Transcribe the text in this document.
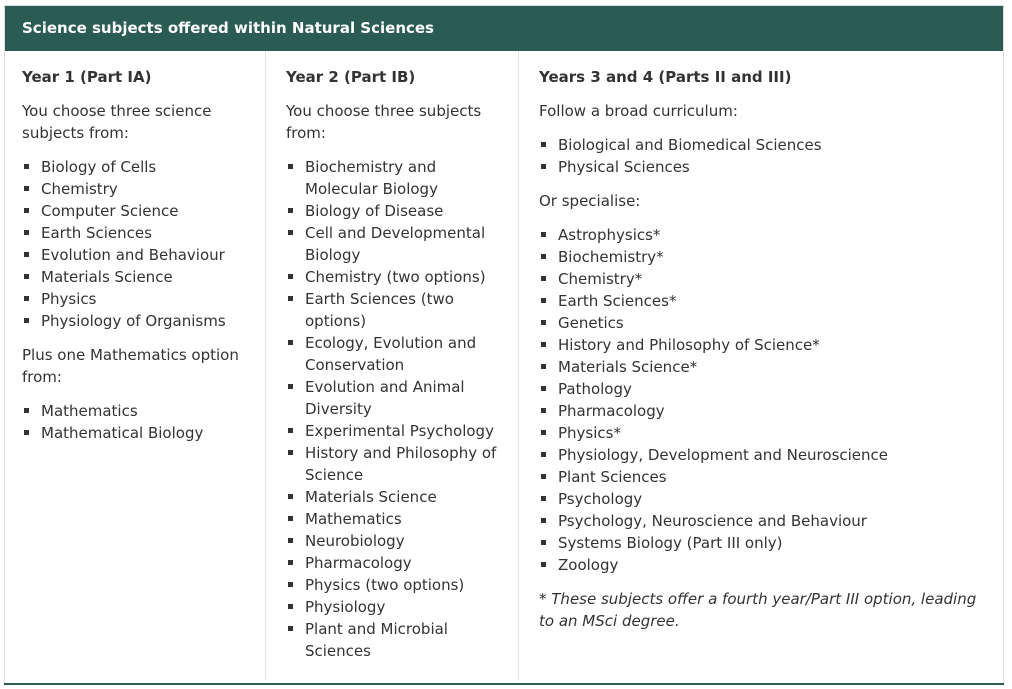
Science subjects offered within Natural Sciences
Year 1 (Part IA)

You choose three science subjects from:

Biology of Cells
Chemistry
Computer Science
Earth Sciences
Evolution and Behaviour
Materials Science
Physics
Physiology of Organisms

Plus one Mathematics option from:

Mathematics
Mathematical Biology
Year 2 (Part IB)

You choose three subjects from:

Biochemistry and Molecular Biology
Biology of Disease
Cell and Developmental Biology
Chemistry (two options)
Earth Sciences (two options)
Ecology, Evolution and Conservation
Evolution and Animal Diversity
Experimental Psychology
History and Philosophy of Science
Materials Science
Mathematics
Neurobiology
Pharmacology
Physics (two options)
Physiology
Plant and Microbial Sciences
Years 3 and 4 (Parts II and III)

Follow a broad curriculum:

Biological and Biomedical Sciences
Physical Sciences

Or specialise:

Astrophysics*
Biochemistry*
Chemistry*
Earth Sciences*
Genetics
History and Philosophy of Science*
Materials Science*
Pathology
Pharmacology
Physics*
Physiology, Development and Neuroscience
Plant Sciences
Psychology
Psychology, Neuroscience and Behaviour
Systems Biology (Part III only)
Zoology

* These subjects offer a fourth year/Part III option, leading to an MSci degree.
